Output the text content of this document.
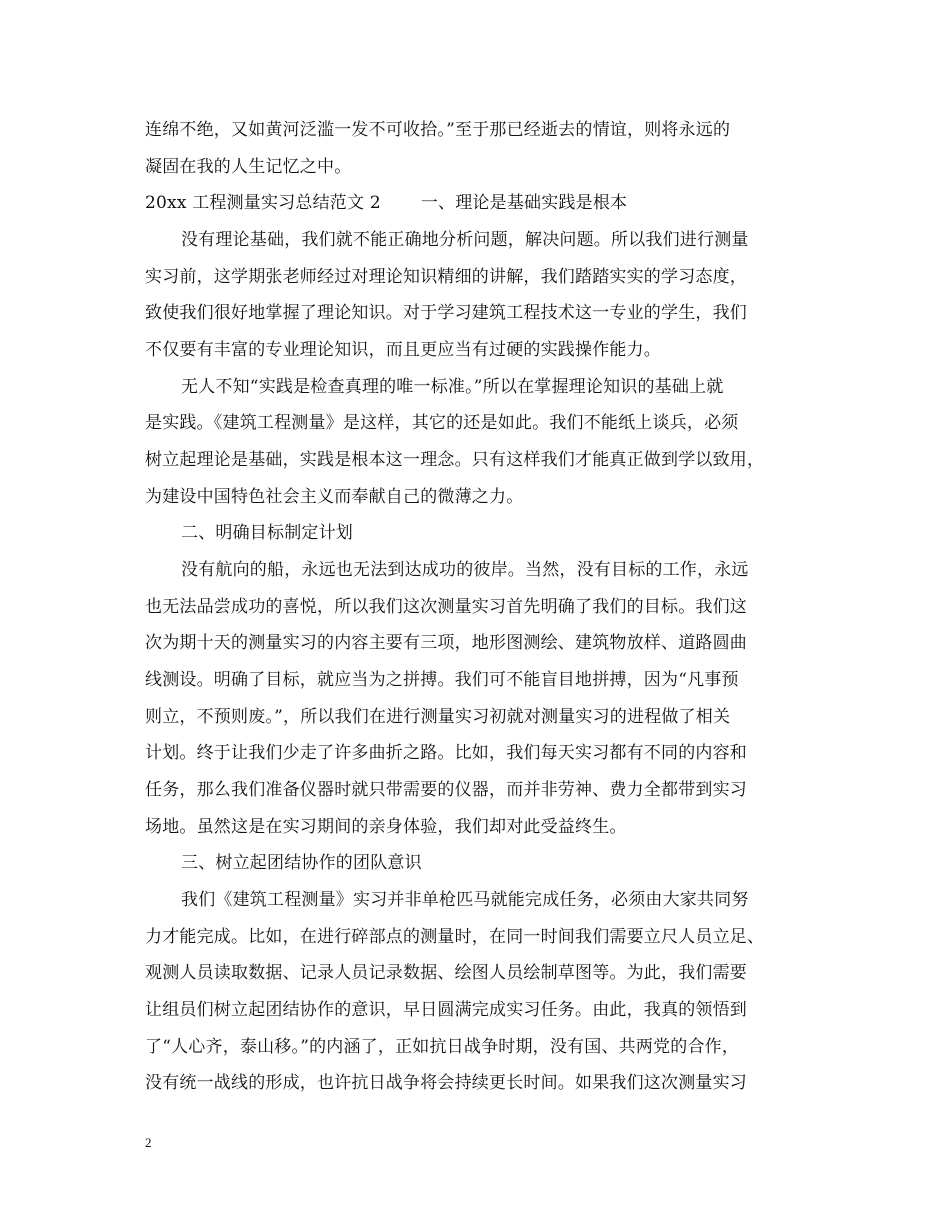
连绵不绝，又如黄河泛滥一发不可收拾。”至于那已经逝去的情谊，则将永远的
凝固在我的人生记忆之中。
20xx 工程测量实习总结范文 2　　 一、理论是基础实践是根本
没有理论基础，我们就不能正确地分析问题，解决问题。所以我们进行测量
实习前，这学期张老师经过对理论知识精细的讲解，我们踏踏实实的学习态度，
致使我们很好地掌握了理论知识。对于学习建筑工程技术这一专业的学生，我们
不仅要有丰富的专业理论知识，而且更应当有过硬的实践操作能力。
无人不知“实践是检查真理的唯一标准。”所以在掌握理论知识的基础上就
是实践。《建筑工程测量》是这样，其它的还是如此。我们不能纸上谈兵，必须
树立起理论是基础，实践是根本这一理念。只有这样我们才能真正做到学以致用，
为建设中国特色社会主义而奉献自己的微薄之力。
二、明确目标制定计划
没有航向的船，永远也无法到达成功的彼岸。当然，没有目标的工作，永远
也无法品尝成功的喜悦，所以我们这次测量实习首先明确了我们的目标。我们这
次为期十天的测量实习的内容主要有三项，地形图测绘、建筑物放样、道路圆曲
线测设。明确了目标，就应当为之拼搏。我们可不能盲目地拼搏，因为“凡事预
则立，不预则废。”，所以我们在进行测量实习初就对测量实习的进程做了相关
计划。终于让我们少走了许多曲折之路。比如，我们每天实习都有不同的内容和
任务，那么我们准备仪器时就只带需要的仪器，而并非劳神、费力全都带到实习
场地。虽然这是在实习期间的亲身体验，我们却对此受益终生。
三、树立起团结协作的团队意识
我们《建筑工程测量》实习并非单枪匹马就能完成任务，必须由大家共同努
力才能完成。比如，在进行碎部点的测量时，在同一时间我们需要立尺人员立足、
观测人员读取数据、记录人员记录数据、绘图人员绘制草图等。为此，我们需要
让组员们树立起团结协作的意识，早日圆满完成实习任务。由此，我真的领悟到
了“人心齐，泰山移。”的内涵了，正如抗日战争时期，没有国、共两党的合作，
没有统一战线的形成，也许抗日战争将会持续更长时间。如果我们这次测量实习
2
